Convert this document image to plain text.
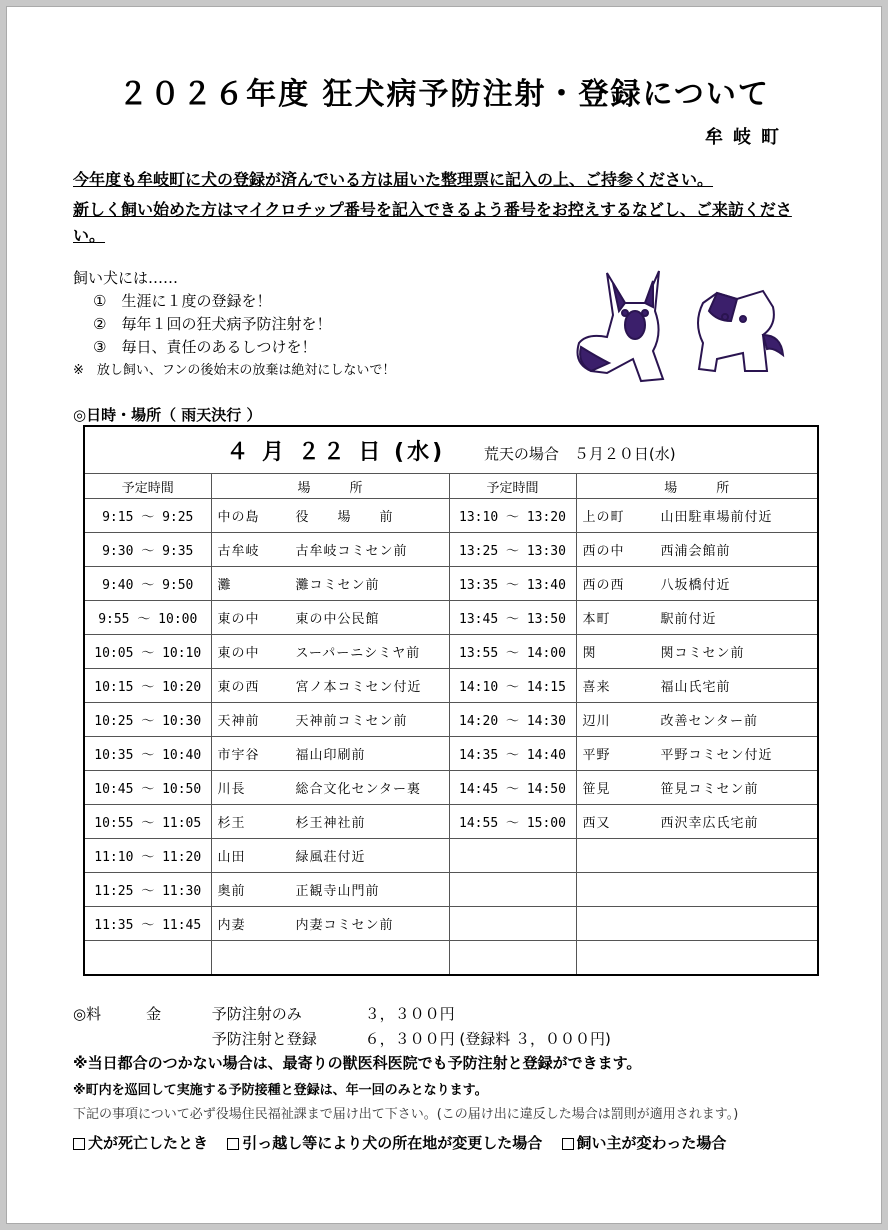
２０２６年度 狂犬病予防注射・登録について
牟岐町
今年度も牟岐町に犬の登録が済んでいる方は届いた整理票に記入の上、ご持参ください。
新しく飼い始めた方はマイクロチップ番号を記入できるよう番号をお控えするなどし、ご来訪ください。
飼い犬には……
①　生涯に１度の登録を！
②　毎年１回の狂犬病予防注射を！
③　毎日、責任のあるしつけを！
※　放し飼い、フンの後始末の放棄は絶対にしないで！
◎日時・場所（ 雨天決行 ）
４ 月 ２２ 日 (水) 荒天の場合　５月２０日(水)			
予定時間	場　　　所	予定時間	場　　　所
9:15 ～ 9:25	中の島 役　　場　　前	13:10 ～ 13:20	上の町 山田駐車場前付近
9:30 ～ 9:35	古牟岐 古牟岐コミセン前	13:25 ～ 13:30	西の中 西浦会館前
9:40 ～ 9:50	灘 灘コミセン前	13:35 ～ 13:40	西の西 八坂橋付近
9:55 ～ 10:00	東の中 東の中公民館	13:45 ～ 13:50	本町 駅前付近
10:05 ～ 10:10	東の中 スーパーニシミヤ前	13:55 ～ 14:00	関 関コミセン前
10:15 ～ 10:20	東の西 宮ノ本コミセン付近	14:10 ～ 14:15	喜来 福山氏宅前
10:25 ～ 10:30	天神前 天神前コミセン前	14:20 ～ 14:30	辺川 改善センター前
10:35 ～ 10:40	市宇谷 福山印刷前	14:35 ～ 14:40	平野 平野コミセン付近
10:45 ～ 10:50	川長 総合文化センター裏	14:45 ～ 14:50	笹見 笹見コミセン前
10:55 ～ 11:05	杉王 杉王神社前	14:55 ～ 15:00	西又 西沢幸広氏宅前
11:10 ～ 11:20	山田 緑風荘付近		
11:25 ～ 11:30	奥前 正観寺山門前		
11:35 ～ 11:45	内妻 内妻コミセン前		

◎料　　　金	予防注射のみ	３，３００円
予防注射と登録	６，３００円 (登録料 ３，０００円)
※当日都合のつかない場合は、最寄りの獣医科医院でも予防注射と登録ができます。
※町内を巡回して実施する予防接種と登録は、年一回のみとなります。
下記の事項について必ず役場住民福祉課まで届け出て下さい。(この届け出に違反した場合は罰則が適用されます。)
犬が死亡したとき 引っ越し等により犬の所在地が変更した場合 飼い主が変わった場合
